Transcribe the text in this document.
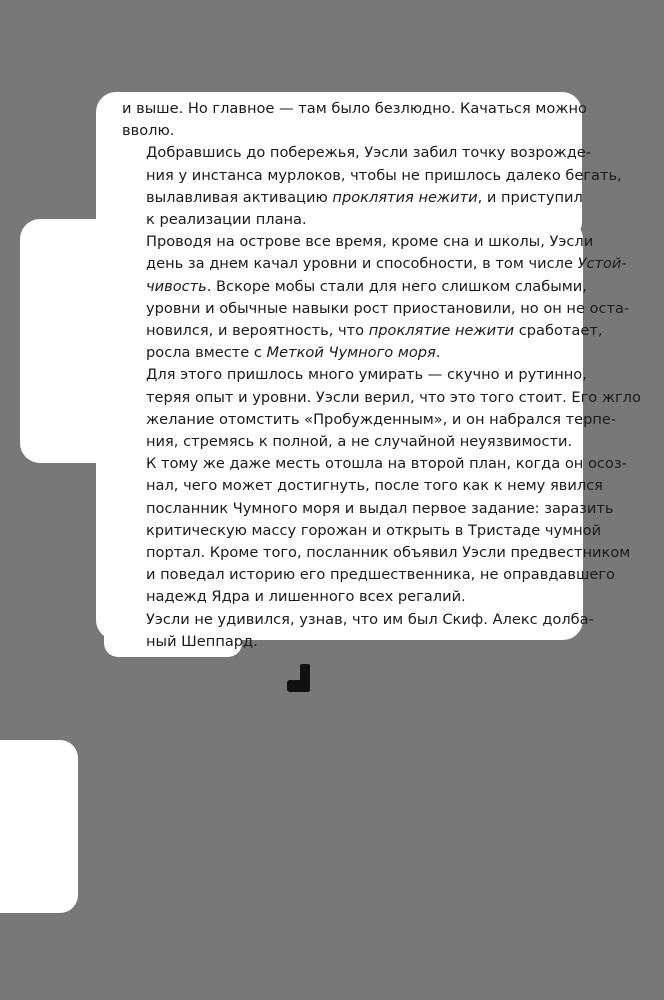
и выше. Но главное — там было безлюдно. Качаться можно
вволю.

Добравшись до побережья, Уэсли забил точку возрожде-
ния у инстанса мурлоков, чтобы не пришлось далеко бегать,
вылавливая активацию проклятия нежити, и приступил
к реализации плана.

Проводя на острове все время, кроме сна и школы, Уэсли
день за днем качал уровни и способности, в том числе Устой-
чивость. Вскоре мобы стали для него слишком слабыми,
уровни и обычные навыки рост приостановили, но он не оста-
новился, и вероятность, что проклятие нежити сработает,
росла вместе с Меткой Чумного моря.

Для этого пришлось много умирать — скучно и рутинно,
теряя опыт и уровни. Уэсли верил, что это того стоит. Его жгло
желание отомстить «Пробужденным», и он набрался терпе-
ния, стремясь к полной, а не случайной неуязвимости.

К тому же даже месть отошла на второй план, когда он осоз-
нал, чего может достигнуть, после того как к нему явился
посланник Чумного моря и выдал первое задание: заразить
критическую массу горожан и открыть в Тристаде чумной
портал. Кроме того, посланник объявил Уэсли предвестником
и поведал историю его предшественника, не оправдавшего
надежд Ядра и лишенного всех регалий.

Уэсли не удивился, узнав, что им был Скиф. Алекс долба-
ный Шеппард.
